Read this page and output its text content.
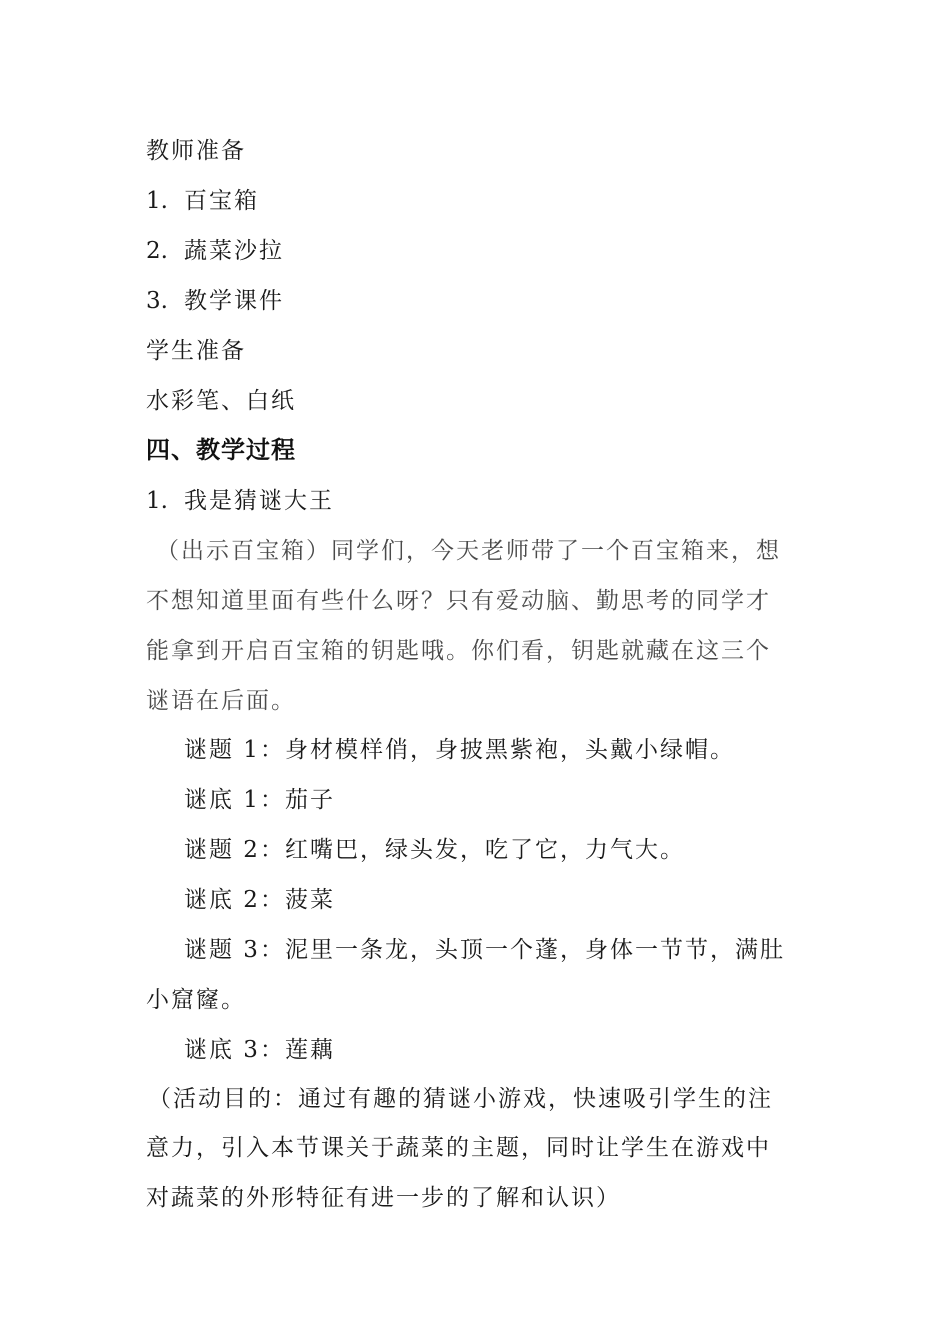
教师准备
1. 百宝箱
2. 蔬菜沙拉
3. 教学课件
学生准备
水彩笔、白纸
四、教学过程
1. 我是猜谜大王
（出示百宝箱）同学们，今天老师带了一个百宝箱来，想
不想知道里面有些什么呀？只有爱动脑、勤思考的同学才
能拿到开启百宝箱的钥匙哦。你们看，钥匙就藏在这三个
谜语在后面。
谜题 1：身材模样俏，身披黑紫袍，头戴小绿帽。
谜底 1：茄子
谜题 2：红嘴巴，绿头发，吃了它，力气大。
谜底 2：菠菜
谜题 3：泥里一条龙，头顶一个蓬，身体一节节，满肚
小窟窿。
谜底 3：莲藕
（活动目的：通过有趣的猜谜小游戏，快速吸引学生的注
意力，引入本节课关于蔬菜的主题，同时让学生在游戏中
对蔬菜的外形特征有进一步的了解和认识）
